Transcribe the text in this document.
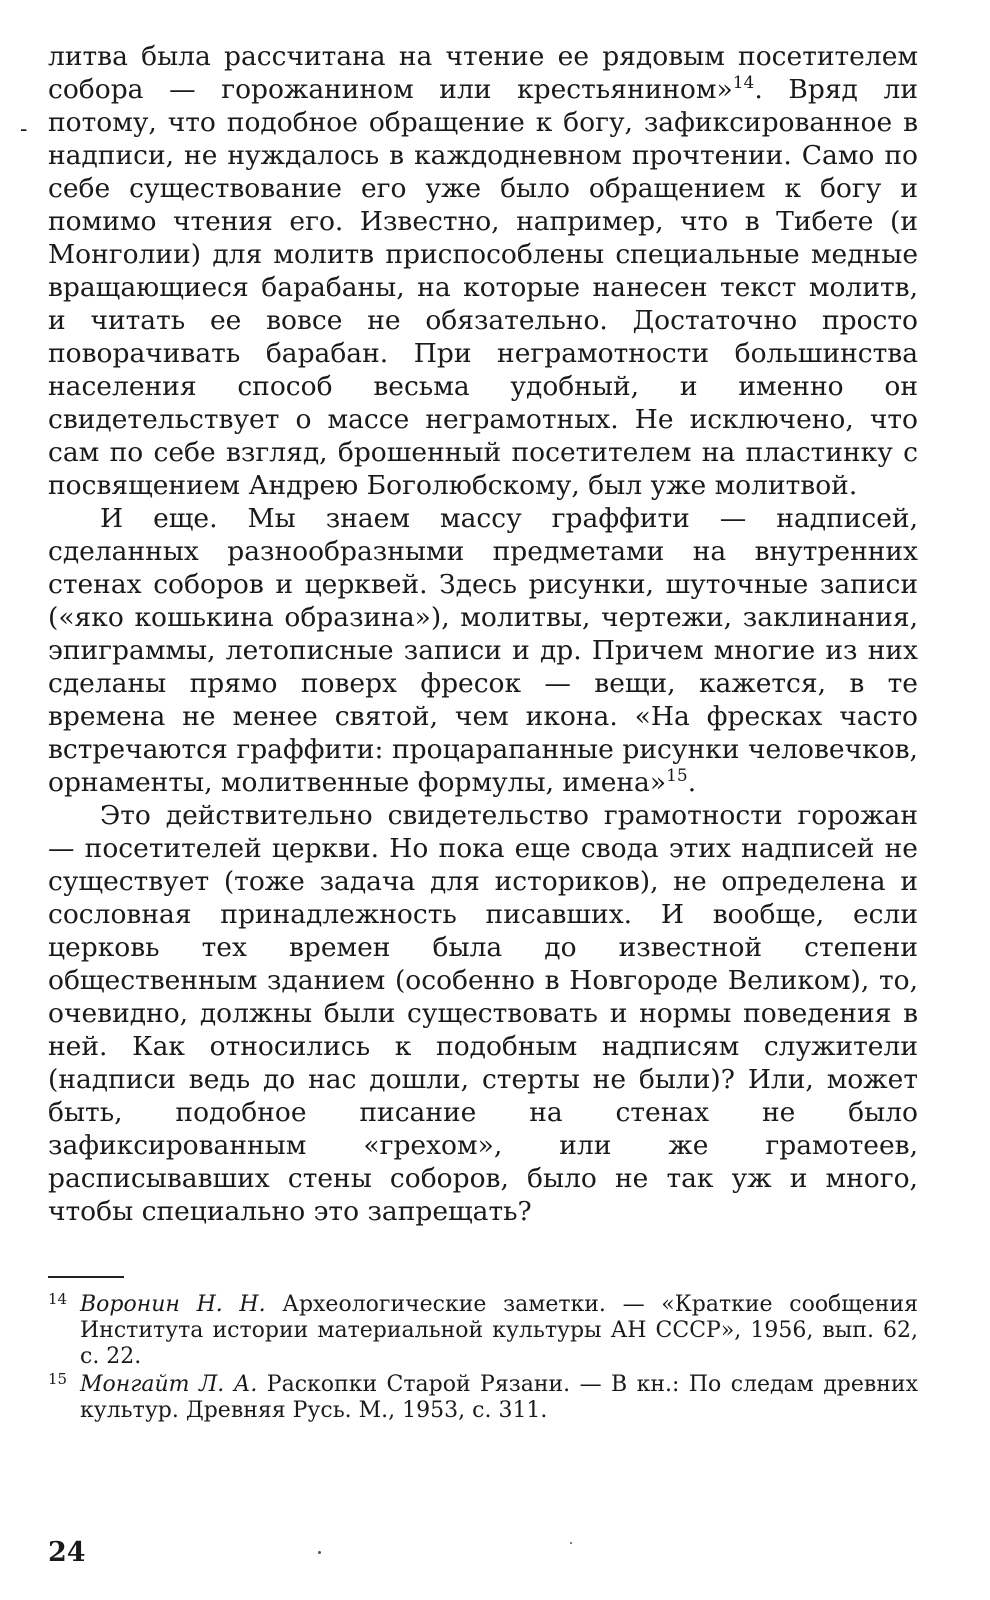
-

литва была рассчитана на чтение ее рядовым посетителем собора — горожанином или крестьянином»$^{14}$. Вряд ли потому, что подобное обращение к богу, зафиксированное в надписи, не нуждалось в каждодневном прочтении. Само по себе существование его уже было обращением к богу и помимо чтения его. Известно, например, что в Тибете (и Монголии) для молитв приспособлены специальные медные вращающиеся барабаны, на которые нанесен текст молитв, и читать ее вовсе не обязательно. Достаточно просто поворачивать барабан. При неграмотности большинства населения способ весьма удобный, и именно он свидетельствует о массе неграмотных. Не исключено, что сам по себе взгляд, брошенный посетителем на пластинку с посвящением Андрею Боголюбскому, был уже молитвой.

И еще. Мы знаем массу граффити — надписей, сделанных разнообразными предметами на внутренних стенах соборов и церквей. Здесь рисунки, шуточные записи («яко кошькина образина»), молитвы, чертежи, заклинания, эпиграммы, летописные записи и др. Причем многие из них сделаны прямо поверх фресок — вещи, кажется, в те времена не менее святой, чем икона. «На фресках часто встречаются граффити: процарапанные рисунки человечков, орнаменты, молитвенные формулы, имена»$^{15}$.

Это действительно свидетельство грамотности горожан — посетителей церкви. Но пока еще свода этих надписей не существует (тоже задача для историков), не определена и сословная принадлежность писавших. И вообще, если церковь тех времен была до известной степени общественным зданием (особенно в Новгороде Великом), то, очевидно, должны были существовать и нормы поведения в ней. Как относились к подобным надписям служители (надписи ведь до нас дошли, стерты не были)? Или, может быть, подобное писание на стенах не было зафиксированным «грехом», или же грамотеев, расписывавших стены соборов, было не так уж и много, чтобы специально это запрещать?

14 Воронин Н. Н. Археологические заметки. — «Краткие сообщения Института истории материальной культуры АН СССР», 1956, вып. 62, с. 22.

15 Монгайт Л. А. Раскопки Старой Рязани. — В кн.: По следам древних культур. Древняя Русь. М., 1953, с. 311.

24
